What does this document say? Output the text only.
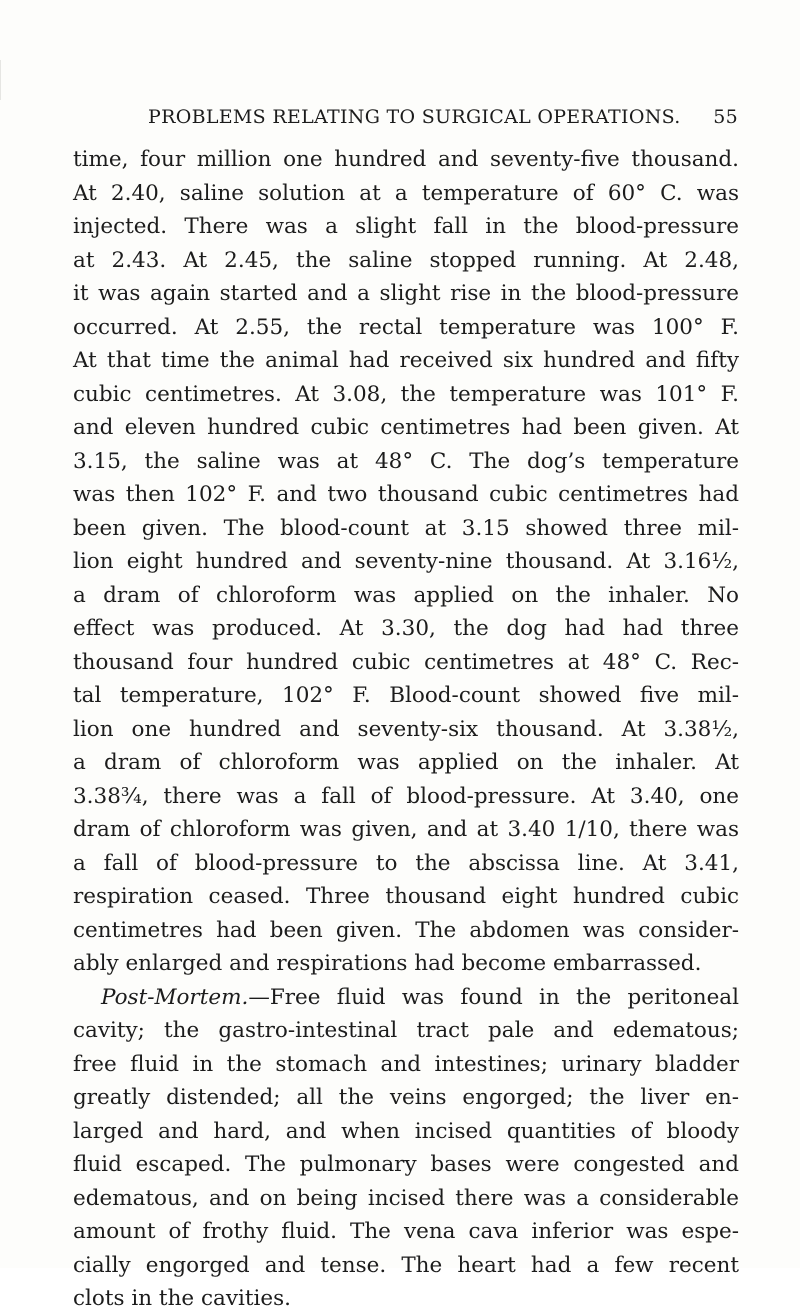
PROBLEMS RELATING TO SURGICAL OPERATIONS. 55
time, four million one hundred and seventy-five thousand.
At 2.40, saline solution at a temperature of 60° C. was
injected. There was a slight fall in the blood-pressure
at 2.43. At 2.45, the saline stopped running. At 2.48,
it was again started and a slight rise in the blood-pressure
occurred. At 2.55, the rectal temperature was 100° F.
At that time the animal had received six hundred and fifty
cubic centimetres. At 3.08, the temperature was 101° F.
and eleven hundred cubic centimetres had been given. At
3.15, the saline was at 48° C. The dog’s temperature
was then 102° F. and two thousand cubic centimetres had
been given. The blood-count at 3.15 showed three mil-
lion eight hundred and seventy-nine thousand. At 3.16½,
a dram of chloroform was applied on the inhaler. No
effect was produced. At 3.30, the dog had had three
thousand four hundred cubic centimetres at 48° C. Rec-
tal temperature, 102° F. Blood-count showed five mil-
lion one hundred and seventy-six thousand. At 3.38½,
a dram of chloroform was applied on the inhaler. At
3.38¾, there was a fall of blood-pressure. At 3.40, one
dram of chloroform was given, and at 3.40 1/10, there was
a fall of blood-pressure to the abscissa line. At 3.41,
respiration ceased. Three thousand eight hundred cubic
centimetres had been given. The abdomen was consider-
ably enlarged and respirations had become embarrassed.
Post-Mortem.—Free fluid was found in the peritoneal
cavity; the gastro-intestinal tract pale and edematous;
free fluid in the stomach and intestines; urinary bladder
greatly distended; all the veins engorged; the liver en-
larged and hard, and when incised quantities of bloody
fluid escaped. The pulmonary bases were congested and
edematous, and on being incised there was a considerable
amount of frothy fluid. The vena cava inferior was espe-
cially engorged and tense. The heart had a few recent
clots in the cavities.
